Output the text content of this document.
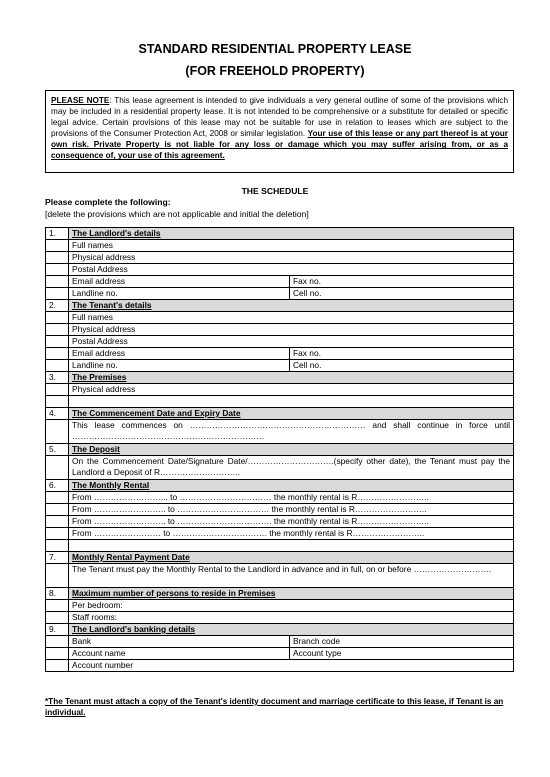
STANDARD RESIDENTIAL PROPERTY LEASE
(FOR FREEHOLD PROPERTY)
PLEASE NOTE: This lease agreement is intended to give individuals a very general outline of some of the provisions which may be included in a residential property lease. It is not intended to be comprehensive or a substitute for detailed or specific legal advice. Certain provisions of this lease may not be suitable for use in relation to leases which are subject to the provisions of the Consumer Protection Act, 2008 or similar legislation. Your use of this lease or any part thereof is at your own risk. Private Property is not liable for any loss or damage which you may suffer arising from, or as a consequence of, your use of this agreement.
THE SCHEDULE
Please complete the following:
[delete the provisions which are not applicable and initial the deletion]
1.	The Landlord's details	
	Full names	
	Physical address	
	Postal Address	
	Email address	Fax no.
	Landline no.	Cell no.
2.	The Tenant's details	
	Full names	
	Physical address	
	Postal Address	
	Email address	Fax no.
	Landline no.	Cell no.
3.	The Premises	
	Physical address	

4.	The Commencement Date and Expiry Date	
	This lease commences on ……………………………………………………… and shall continue in force until ……………………………………………………………	
5.	The Deposit	
	On the Commencement Date/Signature Date/………………………….(specify other date), the Tenant must pay the Landlord a Deposit of R………………………..	
6.	The Monthly Rental	
	From ……………………... to …………………………… the monthly rental is R……………………..	
	From …………………….. to …………………………… the monthly rental is R……………………..	
	From …………………….. to ……………………………. the monthly rental is R……………………..	
	From …………………… to ……………………………. the monthly rental is R……………………..	

7.	Monthly Rental Payment Date	
	The Tenant must pay the Monthly Rental to the Landlord in advance and in full, on or before ……………………….	
8.	Maximum number of persons to reside in Premises	
	Per bedroom:	
	Staff rooms:	
9.	The Landlord's banking details	
	Bank	Branch code
	Account name	Account type
	Account number	
*The Tenant must attach a copy of the Tenant's identity document and marriage certificate to this lease, if Tenant is an individual.
